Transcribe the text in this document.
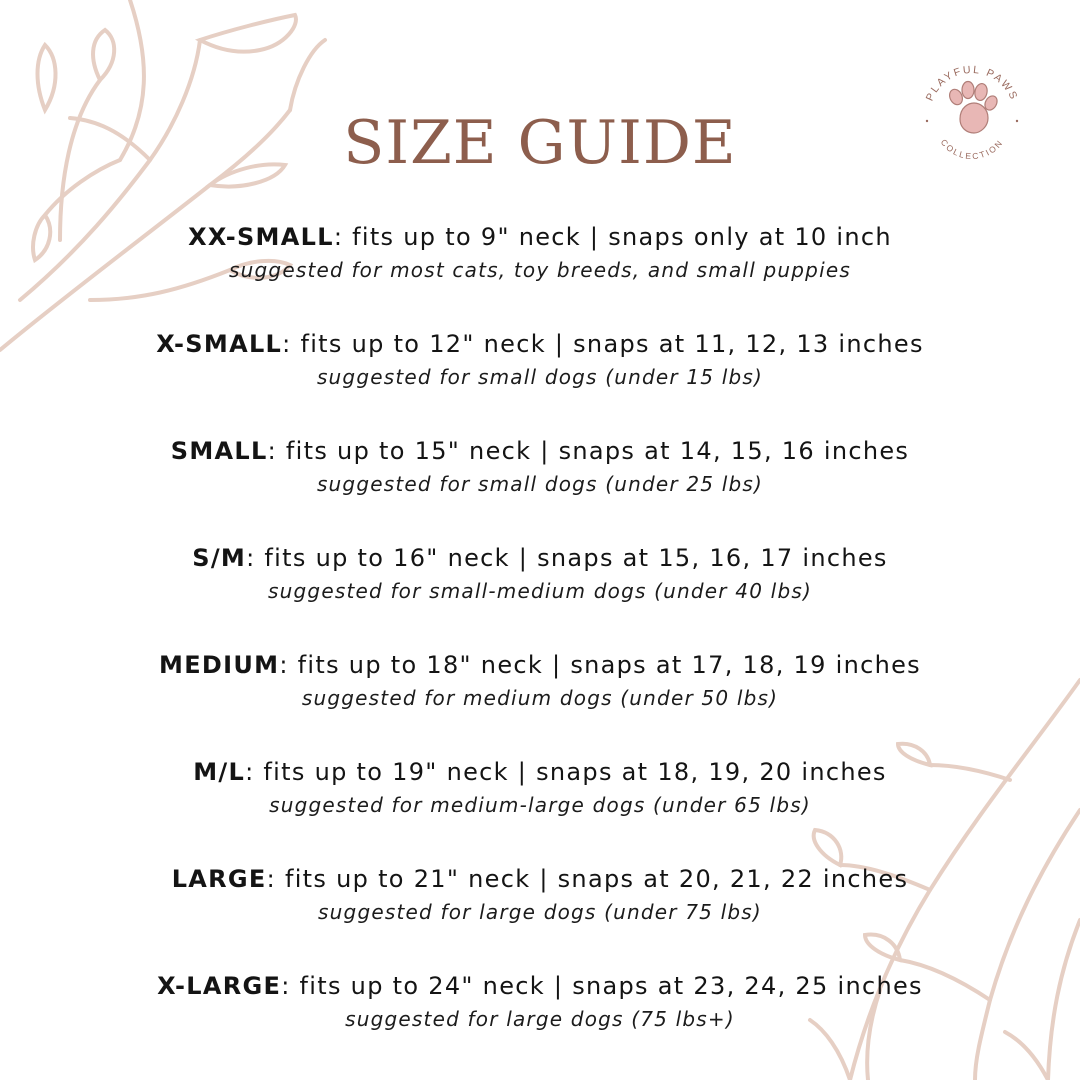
PLAYFUL PAWS
COLLECTION
SIZE GUIDE
XX-SMALL: fits up to 9" neck | snaps only at 10 inch
suggested for most cats, toy breeds, and small puppies
X-SMALL: fits up to 12" neck | snaps at 11, 12, 13 inches
suggested for small dogs (under 15 lbs)
SMALL: fits up to 15" neck | snaps at 14, 15, 16 inches
suggested for small dogs (under 25 lbs)
S/M: fits up to 16" neck | snaps at 15, 16, 17 inches
suggested for small-medium dogs (under 40 lbs)
MEDIUM: fits up to 18" neck | snaps at 17, 18, 19 inches
suggested for medium dogs (under 50 lbs)
M/L: fits up to 19" neck | snaps at 18, 19, 20 inches
suggested for medium-large dogs (under 65 lbs)
LARGE: fits up to 21" neck | snaps at 20, 21, 22 inches
suggested for large dogs (under 75 lbs)
X-LARGE: fits up to 24" neck | snaps at 23, 24, 25 inches
suggested for large dogs (75 lbs+)
